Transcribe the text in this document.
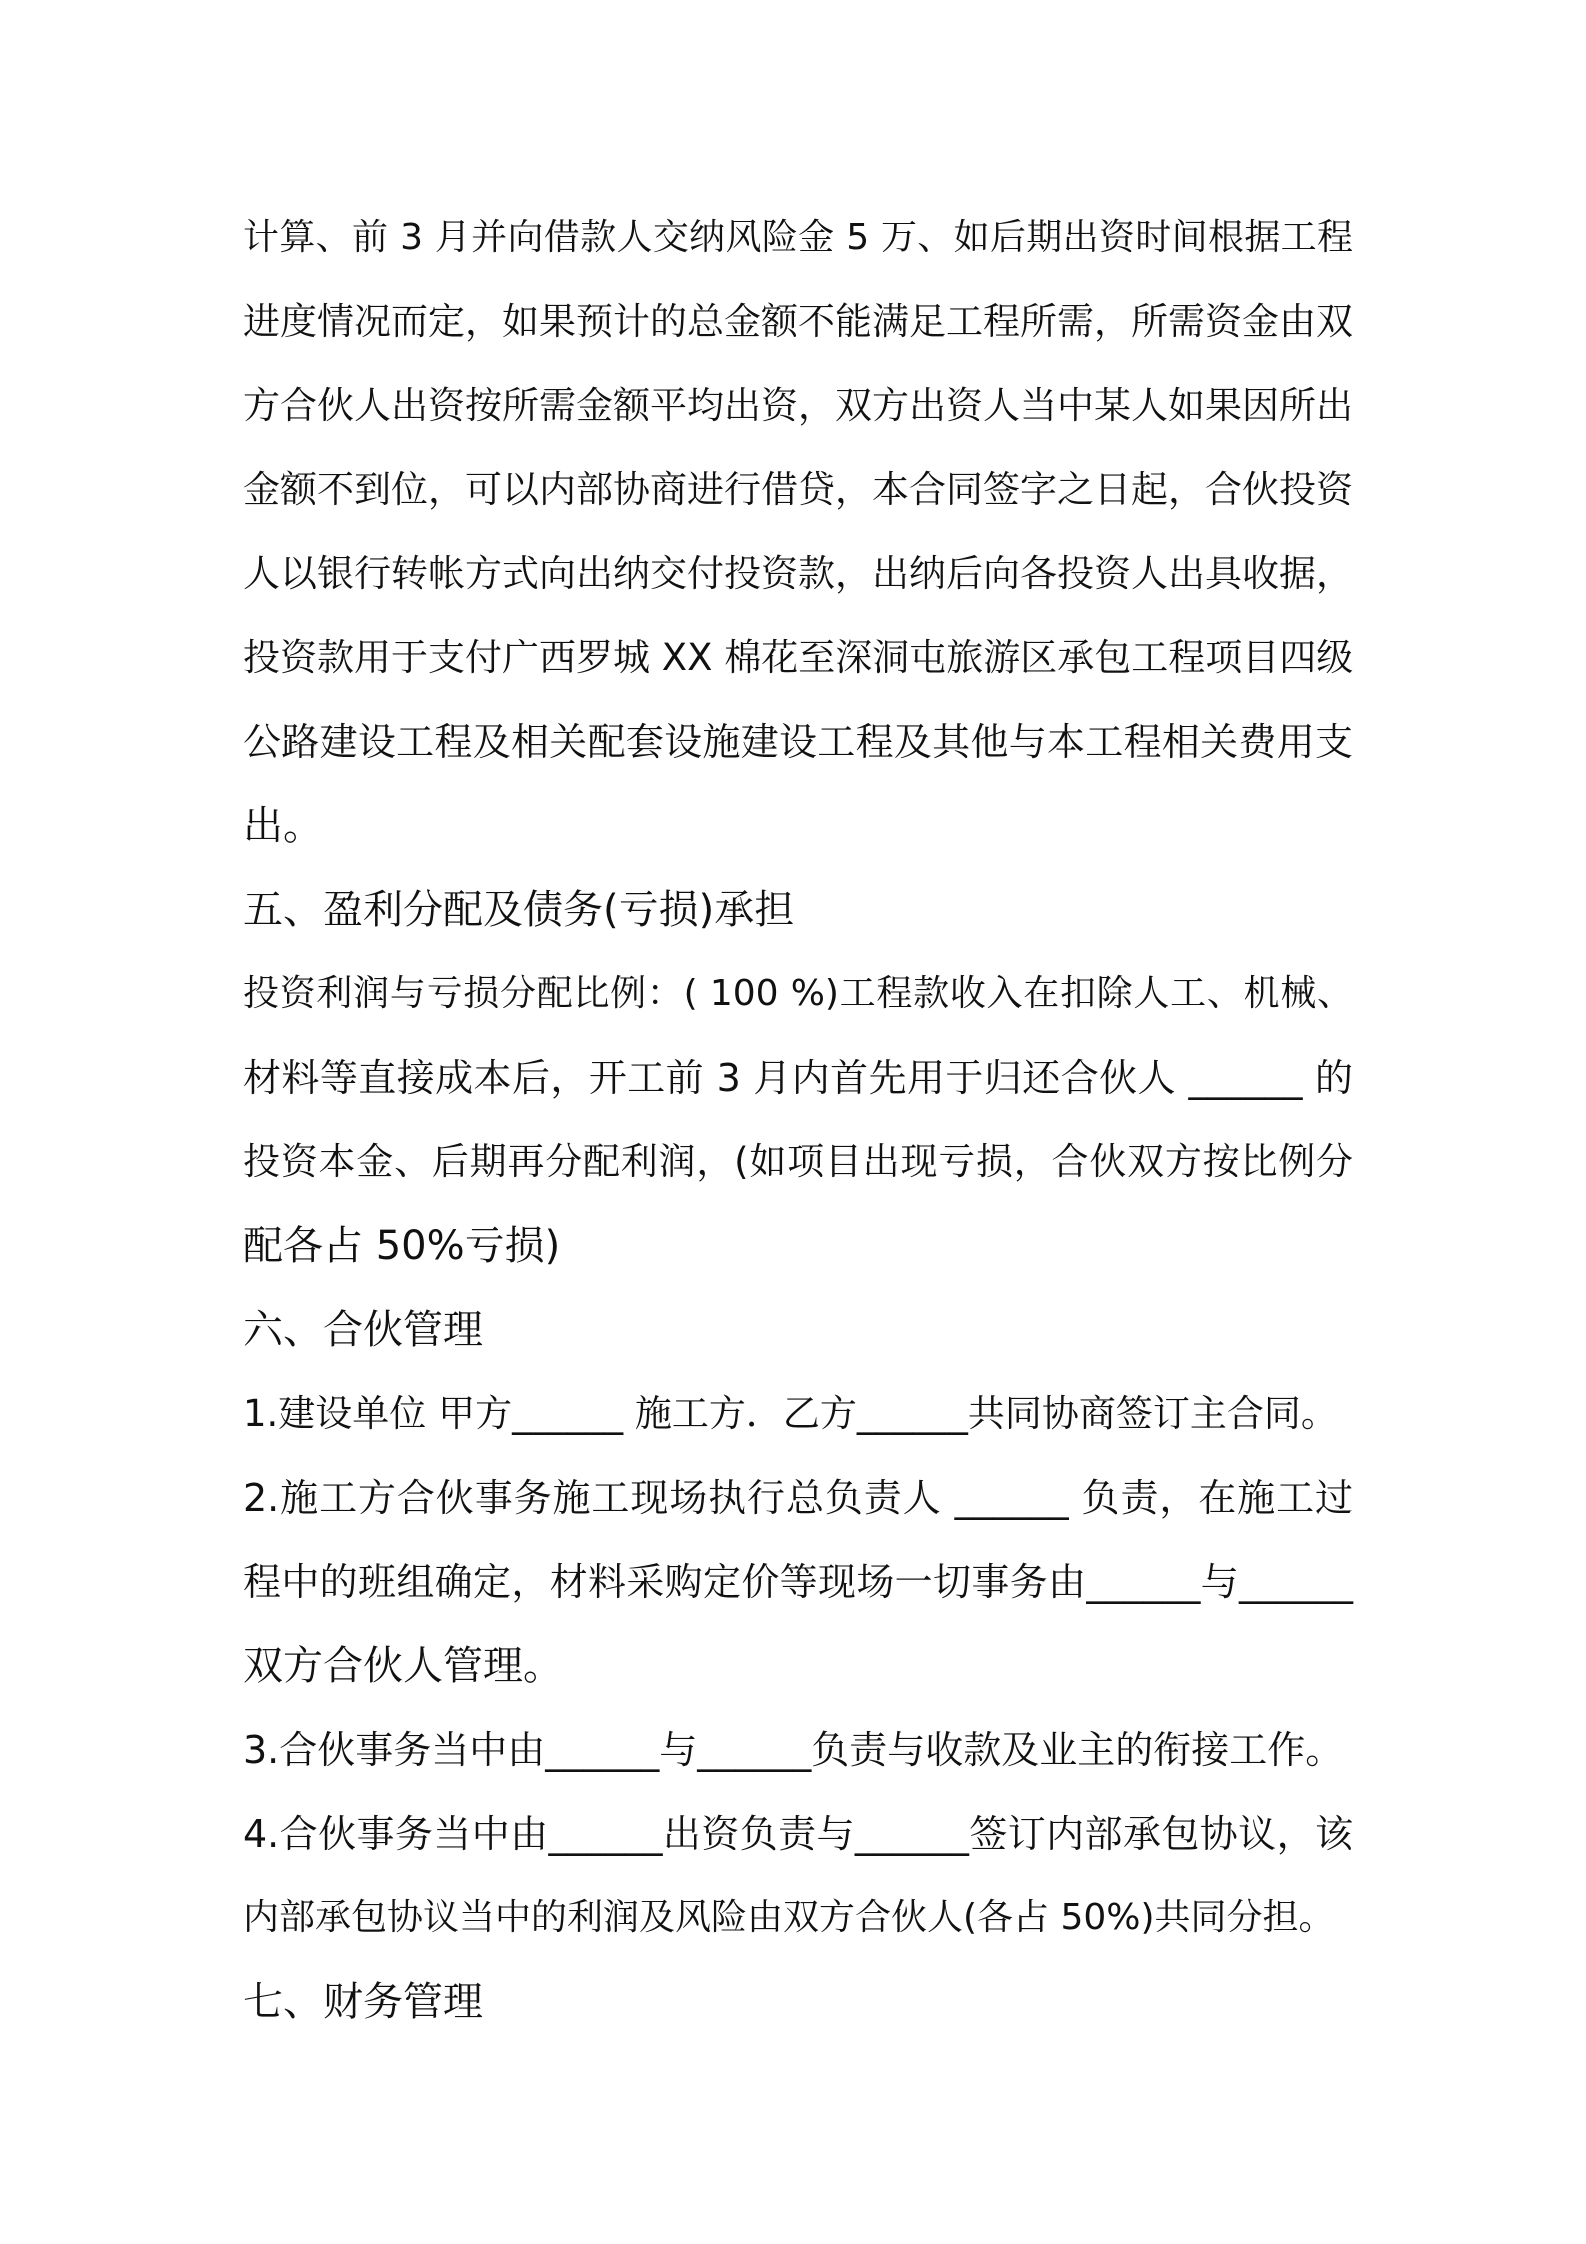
计算、前 3 月并向借款人交纳风险金 5 万、如后期出资时间根据工程
进度情况而定，如果预计的总金额不能满足工程所需，所需资金由双
方合伙人出资按所需金额平均出资，双方出资人当中某人如果因所出
金额不到位，可以内部协商进行借贷，本合同签字之日起，合伙投资
人以银行转帐方式向出纳交付投资款，出纳后向各投资人出具收据，
投资款用于支付广西罗城 XX 棉花至深洞屯旅游区承包工程项目四级
公路建设工程及相关配套设施建设工程及其他与本工程相关费用支
出。
五、盈利分配及债务(亏损)承担
投资利润与亏损分配比例：( 100 %)工程款收入在扣除人工、机械、
材料等直接成本后，开工前 3 月内首先用于归还合伙人 ______ 的
投资本金、后期再分配利润，(如项目出现亏损，合伙双方按比例分
配各占 50%亏损)
六、合伙管理
1.建设单位 甲方______ 施工方．乙方______共同协商签订主合同。
2.施工方合伙事务施工现场执行总负责人 ______ 负责，在施工过
程中的班组确定，材料采购定价等现场一切事务由______与______
双方合伙人管理。
3.合伙事务当中由______与______负责与收款及业主的衔接工作。
4.合伙事务当中由______出资负责与______签订内部承包协议，该
内部承包协议当中的利润及风险由双方合伙人(各占 50%)共同分担。
七、财务管理
